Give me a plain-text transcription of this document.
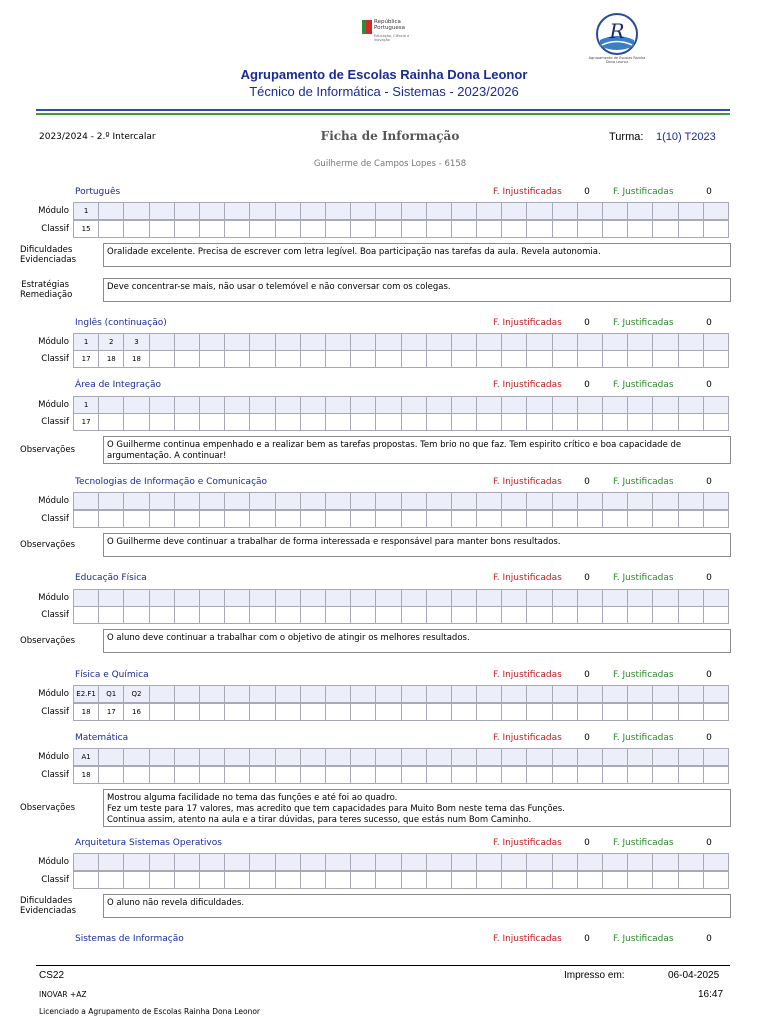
República Portuguesa
Educação, Ciência e Inovação	R
Agrupamento de Escolas Rainha Dona Leonor
Agrupamento de Escolas Rainha Dona Leonor
Técnico de Informática - Sistemas - 2023/2026
2023/2024 - 2.º Intercalar	Ficha de Informação	Turma: 1(10) T2023
Guilherme de Campos Lopes - 6158
Português	F. Injustificadas	0	F. Justificadas	0
Módulo	1
Classif	15
Dificuldades
Evidenciadas
Oralidade excelente. Precisa de escrever com letra legível. Boa participação nas tarefas da aula. Revela autonomia.
Estratégias
Remediação
Deve concentrar-se mais, não usar o telemóvel e não conversar com os colegas.
Inglês (continuação)	F. Injustificadas	0	F. Justificadas	0
Módulo	1	2	3
Classif	17	18	18
Área de Integração	F. Injustificadas	0	F. Justificadas	0
Módulo	1
Classif	17
Observações	O Guilherme continua empenhado e a realizar bem as tarefas propostas. Tem brio no que faz. Tem espirito crítico e boa capacidade de argumentação. A continuar!
Tecnologias de Informação e Comunicação	F. Injustificadas	0	F. Justificadas	0
Módulo
Classif
Observações	O Guilherme deve continuar a trabalhar de forma interessada e responsável para manter bons resultados.
Educação Física	F. Injustificadas	0	F. Justificadas	0
Módulo
Classif
Observações	O aluno deve continuar a trabalhar com o objetivo de atingir os melhores resultados.
Física e Química	F. Injustificadas	0	F. Justificadas	0
Módulo	E2.F1	Q1	Q2
Classif	18	17	16
Matemática	F. Injustificadas	0	F. Justificadas	0
Módulo	A1
Classif	18
Observações
Mostrou alguma facilidade no tema das funções e até foi ao quadro.
Fez um teste para 17 valores, mas acredito que tem capacidades para Muito Bom neste tema das Funções.
Continua assim, atento na aula e a tirar dúvidas, para teres sucesso, que estás num Bom Caminho.
Arquitetura Sistemas Operativos	F. Injustificadas	0	F. Justificadas	0
Módulo
Classif
Dificuldades
Evidenciadas
O aluno não revela dificuldades.
Sistemas de Informação	F. Injustificadas	0	F. Justificadas	0
CS22	Impresso em:	06-04-2025
INOVAR +AZ	16:47
Licenciado a Agrupamento de Escolas Rainha Dona Leonor
